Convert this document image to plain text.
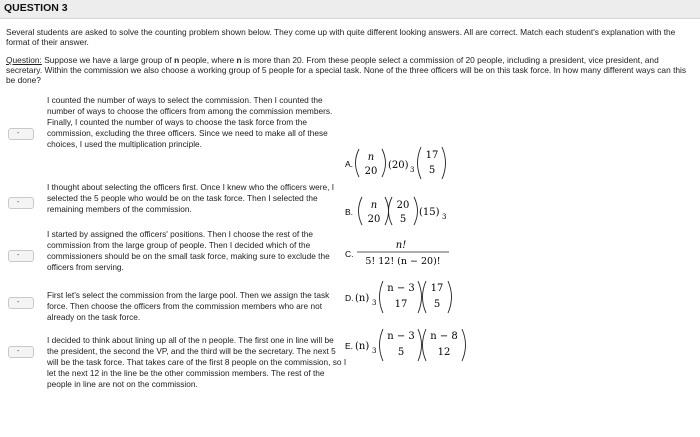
QUESTION 3
Several students are asked to solve the counting problem shown below. They come up with quite different looking answers. All are correct. Match each student's explanation with the format of their answer.
Question: Suppose we have a large group of n people, where n is more than 20. From these people select a commission of 20 people, including a president, vice president, and secretary. Within the commission we also choose a working group of 5 people for a special task. None of the three officers will be on this task force. In how many different ways can this be done?
-
I counted the number of ways to select the commission. Then I counted the number of ways to choose the officers from among the commission members. Finally, I counted the number of ways to choose the task force from the commission, excluding the three officers. Since we need to make all of these choices, I used the multiplication principle.
-
I thought about selecting the officers first. Once I knew who the officers were, I selected the 5 people who would be on the task force. Then I selected the remaining members of the commission.
-
I started by assigned the officers' positions. Then I choose the rest of the commission from the large group of people. Then I decided which of the commissioners should be on the small task force, making sure to exclude the officers from serving.
-
First let's select the commission from the large pool. Then we assign the task force. Then choose the officers from the commission members who are not already on the task force.
-
I decided to think about lining up all of the n people. The first one in line will be the president, the second the VP, and the third will be the secretary. The next 5 will be the task force. That takes care of the first 8 people on the commission, so I let the next 12 in the line be the other commission members. The rest of the people in line are not on the commission.
A.
n
20
(20) 3
17
5
B.
n
20
20
5
(15) 3
C.
n!
5! 12! (n − 20)!
D. (n) 3
n − 3
17
17
5
E. (n) 3
n − 3
5
n − 8
12
